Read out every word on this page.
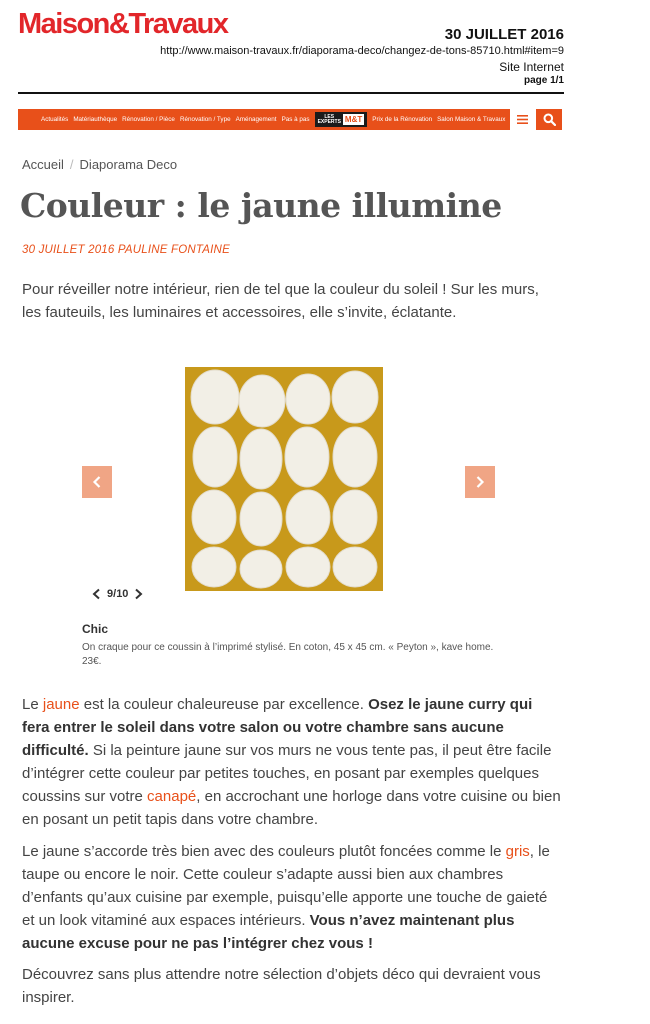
Maison&Travaux	30 JUILLET 2016
http://www.maison-travaux.fr/diaporama-deco/changez-de-tons-85710.html#item=9
Site Internet
page 1/1
Actualités Matériauthèque Rénovation / Pièce Rénovation / Type Aménagement Pas à pas	LES
EXPERTS M&T	Prix de la Rénovation Salon Maison & Travaux
Accueil / Diaporama Deco
Couleur : le jaune illumine
30 JUILLET 2016 PAULINE FONTAINE
Pour réveiller notre intérieur, rien de tel que la couleur du soleil ! Sur les murs, les fauteuils, les luminaires et accessoires, elle s’invite, éclatante.
9/10
Chic
On craque pour ce coussin à l’imprimé stylisé. En coton, 45 x 45 cm. « Peyton », kave home. 23€.
Le jaune est la couleur chaleureuse par excellence. Osez le jaune curry qui fera entrer le soleil dans votre salon ou votre chambre sans aucune difficulté. Si la peinture jaune sur vos murs ne vous tente pas, il peut être facile d’intégrer cette couleur par petites touches, en posant par exemples quelques coussins sur votre canapé, en accrochant une horloge dans votre cuisine ou bien en posant un petit tapis dans votre chambre.
Le jaune s’accorde très bien avec des couleurs plutôt foncées comme le gris, le taupe ou encore le noir. Cette couleur s’adapte aussi bien aux chambres d’enfants qu’aux cuisine par exemple, puisqu’elle apporte une touche de gaieté et un look vitaminé aux espaces intérieurs. Vous n’avez maintenant plus aucune excuse pour ne pas l’intégrer chez vous !
Découvrez sans plus attendre notre sélection d’objets déco qui devraient vous inspirer.
